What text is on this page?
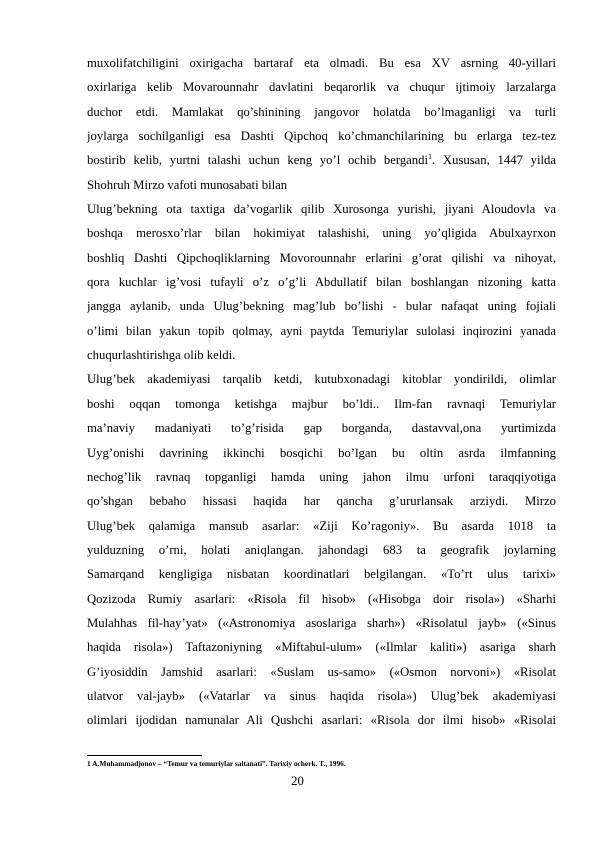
muxolifatchiligini oxirigacha bartaraf eta olmadi. Bu esa XV asrning 40-yillari
oxirlariga kelib Movarounnahr davlatini beqarorlik va chuqur ijtimoiy larzalarga
duchor etdi. Mamlakat qo’shinining jangovor holatda bo’lmaganligi va turli
joylarga sochilganligi esa Dashti Qipchoq ko’chmanchilarining bu erlarga tez-tez
bostirib kelib, yurtni talashi uchun keng yo’l ochib bergandi$^1$. Xususan, 1447 yilda
Shohruh Mirzo vafoti munosabati bilan
Ulug’bekning ota taxtiga da’vogarlik qilib Xurosonga yurishi, jiyani Aloudovla va
boshqa merosxo’rlar bilan hokimiyat talashishi, uning yo’qligida Abulxayrxon
boshliq Dashti Qipchoqliklarning Movorounnahr erlarini g’orat qilishi va nihoyat,
qora kuchlar ig’vosi tufayli o’z o’g’li Abdullatif bilan boshlangan nizoning katta
jangga aylanib, unda Ulug’bekning mag’lub bo’lishi - bular nafaqat uning fojiali
o’limi bilan yakun topib qolmay, ayni paytda Temuriylar sulolasi inqirozini yanada
chuqurlashtirishga olib keldi.
Ulug’bek akademiyasi tarqalib ketdi, kutubxonadagi kitoblar yondirildi, olimlar
boshi oqqan tomonga ketishga majbur bo’ldi.. Ilm-fan ravnaqi Temuriylar
ma’naviy madaniyati to’g’risida gap borganda, dastavval,ona yurtimizda
Uyg’onishi davrining ikkinchi bosqichi bo’lgan bu oltin asrda ilmfanning
nechog’lik ravnaq topganligi hamda uning jahon ilmu urfoni taraqqiyotiga
qo’shgan bebaho hissasi haqida har qancha g’ururlansak arziydi. Mirzo
Ulug’bek qalamiga mansub asarlar: «Ziji Ko’ragoniy». Bu asarda 1018 ta
yulduzning o’rni, holati aniqlangan. jahondagi 683 ta geografik joylarning
Samarqand kengligiga nisbatan koordinatlari belgilangan. «To’rt ulus tarixi»
Qozizoda Rumiy asarlari: «Risola fil hisob» («Hisobga doir risola») «Sharhi
Mulahhas fil-hay’yat» («Astronomiya asoslariga sharh») «Risolatul jayb» («Sinus
haqida risola») Taftazoniyning «Miftahul-ulum» («Ilmlar kaliti») asariga sharh
G’iyosiddin Jamshid asarlari: «Suslam us-samo» («Osmon norvoni») «Risolat
ulatvor val-jayb» («Vatarlar va sinus haqida risola») Ulug’bek akademiyasi
olimlari ijodidan namunalar Ali Qushchi asarlari: «Risola dor ilmi hisob» «Risolai
1 A.Muhammadjonov – “Temur va temuriylar saltanati”. Tarixiy ocherk. T., 1996.
20
